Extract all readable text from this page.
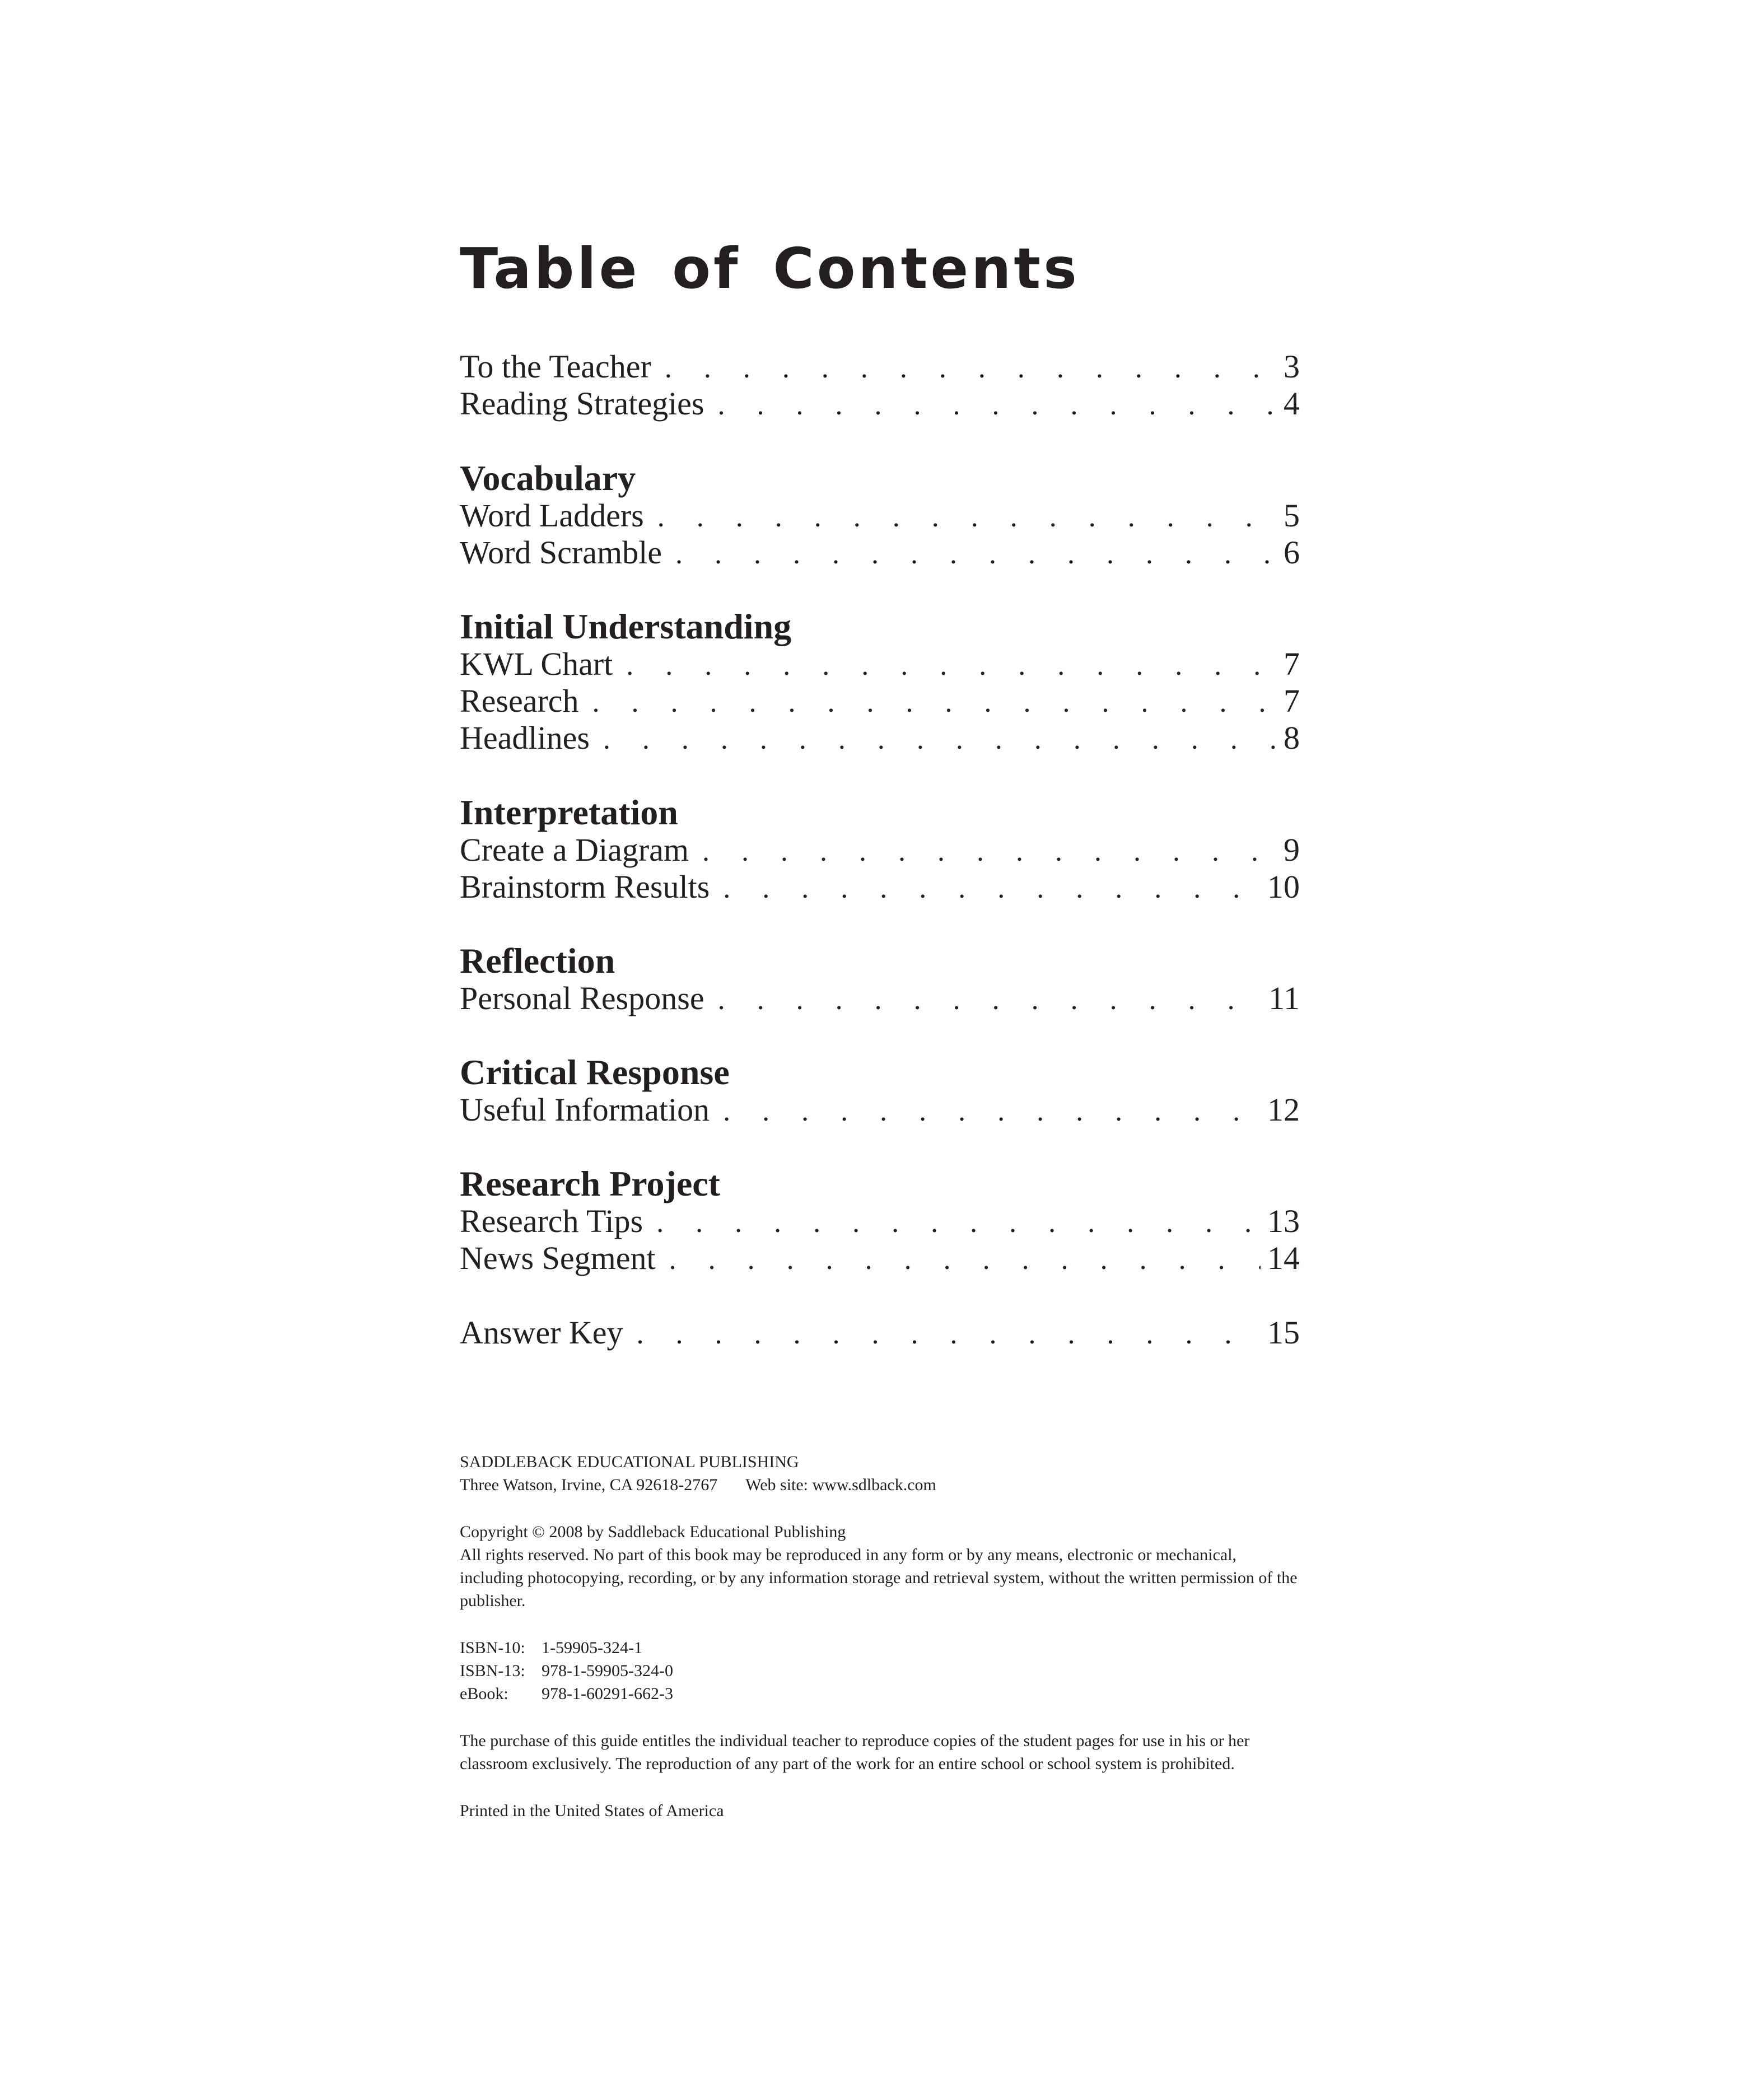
Table of Contents
To the Teacher . . .	3
Reading Strategies . . .	4
Vocabulary
Word Ladders . . .	5
Word Scramble . . .	6
Initial Understanding
KWL Chart . . .	7
Research . . .	7
Headlines . . .	8
Interpretation
Create a Diagram . . .	9
Brainstorm Results . . .	10
Reflection
Personal Response . . .	11
Critical Response
Useful Information . . .	12
Research Project
Research Tips . . .	13
News Segment . . .	14
Answer Key . . .	15

SADDLEBACK EDUCATIONAL PUBLISHING

Three Watson, Irvine, CA 92618-2767 Web site: www.sdlback.com

Copyright © 2008 by Saddleback Educational Publishing

All rights reserved. No part of this book may be reproduced in any form or by any means, electronic or mechanical, including photocopying, recording, or by any information storage and retrieval system, without the written permission of the publisher.

ISBN-10: 1-59905-324-1
ISBN-13: 978-1-59905-324-0
eBook:	978-1-60291-662-3

The purchase of this guide entitles the individual teacher to reproduce copies of the student pages for use in his or her classroom exclusively. The reproduction of any part of the work for an entire school or school system is prohibited.

Printed in the United States of America
